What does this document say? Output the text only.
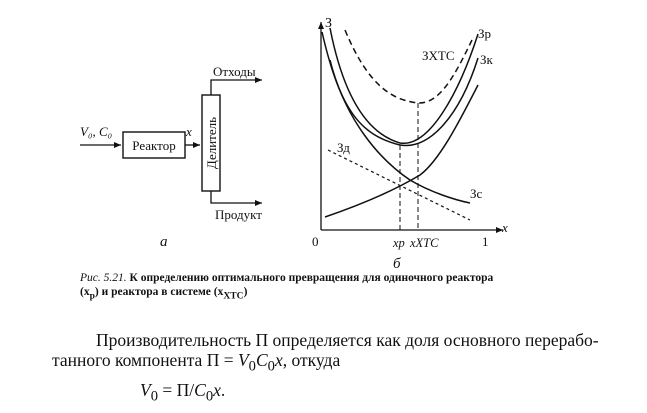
V₀, C₀
Реактор
x Делитель
Отходы
Продукт
а
З
x
0	1
xр xХТС
Зр
ЗХТС Зк
Зд
Зс
б
Рис. 5.21. К определению оптимального превращения для одиночного реактора
$(x_р)$ и реактора в системе $(x_{ХТС})$
Производительность П определяется как доля основного перерабо-
танного компонента $П = V_0C_0x$, откуда
$V_0 = П/C_0x$.
